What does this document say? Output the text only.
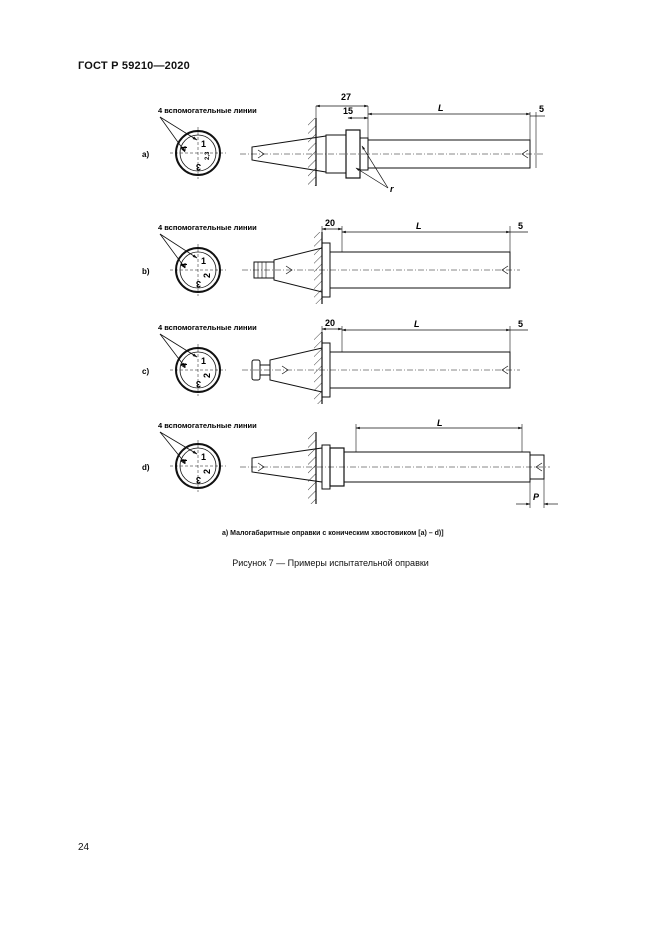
ГОСТ Р 59210—2020
4 вспомогательные линии
1
2,3
3
4
a)
27
15	L	5
r
4 вспомогательные линии
1
2
3
4
b)
20	L	5
4 вспомогательные линии
1
2
3
4
c)
20	L	5
4 вспомогательные линии
1
2
3
4
d)
L
P
a) Малогабаритные оправки с коническим хвостовиком [a) – d)]
Рисунок 7 — Примеры испытательной оправки
24
